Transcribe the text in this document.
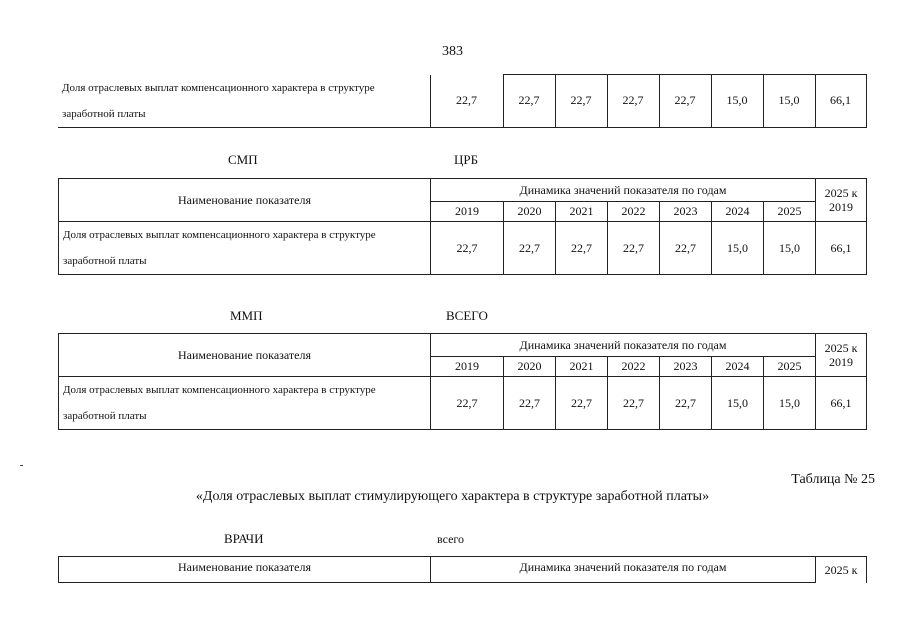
383
Доля отраслевых выплат компенсационного характера в структуре
заработной платы
	22,7	22,7	22,7	22,7	22,7	15,0	15,0	66,1
СМП	ЦРБ
Наименование показателя	Динамика значений показателя по годам							2025 к 2019
	2019	2020	2021	2022	2023	2024	2025	

Доля отраслевых выплат компенсационного характера в структуре
заработной платы	22,7	22,7	22,7	22,7	22,7	15,0	15,0	66,1
ММП	ВСЕГО
Наименование показателя	Динамика значений показателя по годам							2025 к 2019
	2019	2020	2021	2022	2023	2024	2025	

Доля отраслевых выплат компенсационного характера в структуре
заработной платы	22,7	22,7	22,7	22,7	22,7	15,0	15,0	66,1
Таблица № 25
«Доля отраслевых выплат стимулирующего характера в структуре заработной платы»
ВРАЧИ	всего
Наименование показателя	Динамика значений показателя по годам	2025 к
